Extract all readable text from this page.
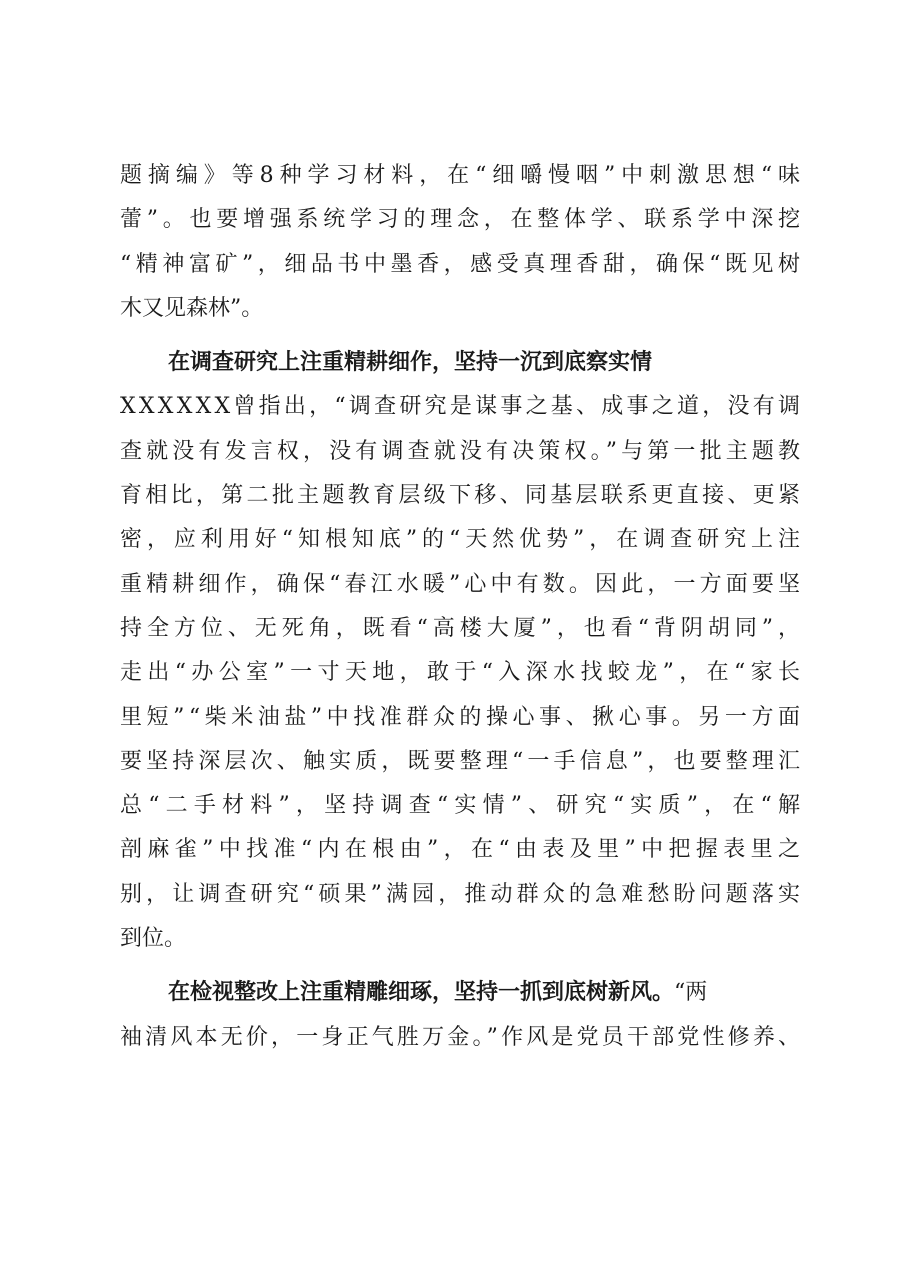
题摘编》等8种学习材料，在“细嚼慢咽”中刺激思想“味
蕾”。也要增强系统学习的理念，在整体学、联系学中深挖
“精神富矿”，细品书中墨香，感受真理香甜，确保“既见树
木又见森林”。
在调查研究上注重精耕细作，坚持一沉到底察实情
XXXXXX曾指出，“调查研究是谋事之基、成事之道，没有调
查就没有发言权，没有调查就没有决策权。”与第一批主题教
育相比，第二批主题教育层级下移、同基层联系更直接、更紧
密，应利用好“知根知底”的“天然优势”，在调查研究上注
重精耕细作，确保“春江水暖”心中有数。因此，一方面要坚
持全方位、无死角，既看“高楼大厦”，也看“背阴胡同”，
走出“办公室”一寸天地，敢于“入深水找蛟龙”，在“家长
里短”“柴米油盐”中找准群众的操心事、揪心事。另一方面
要坚持深层次、触实质，既要整理“一手信息”，也要整理汇
总“二手材料”，坚持调查“实情”、研究“实质”，在“解
剖麻雀”中找准“内在根由”，在“由表及里”中把握表里之
别，让调查研究“硕果”满园，推动群众的急难愁盼问题落实
到位。
在检视整改上注重精雕细琢，坚持一抓到底树新风。“两
袖清风本无价，一身正气胜万金。”作风是党员干部党性修养、
